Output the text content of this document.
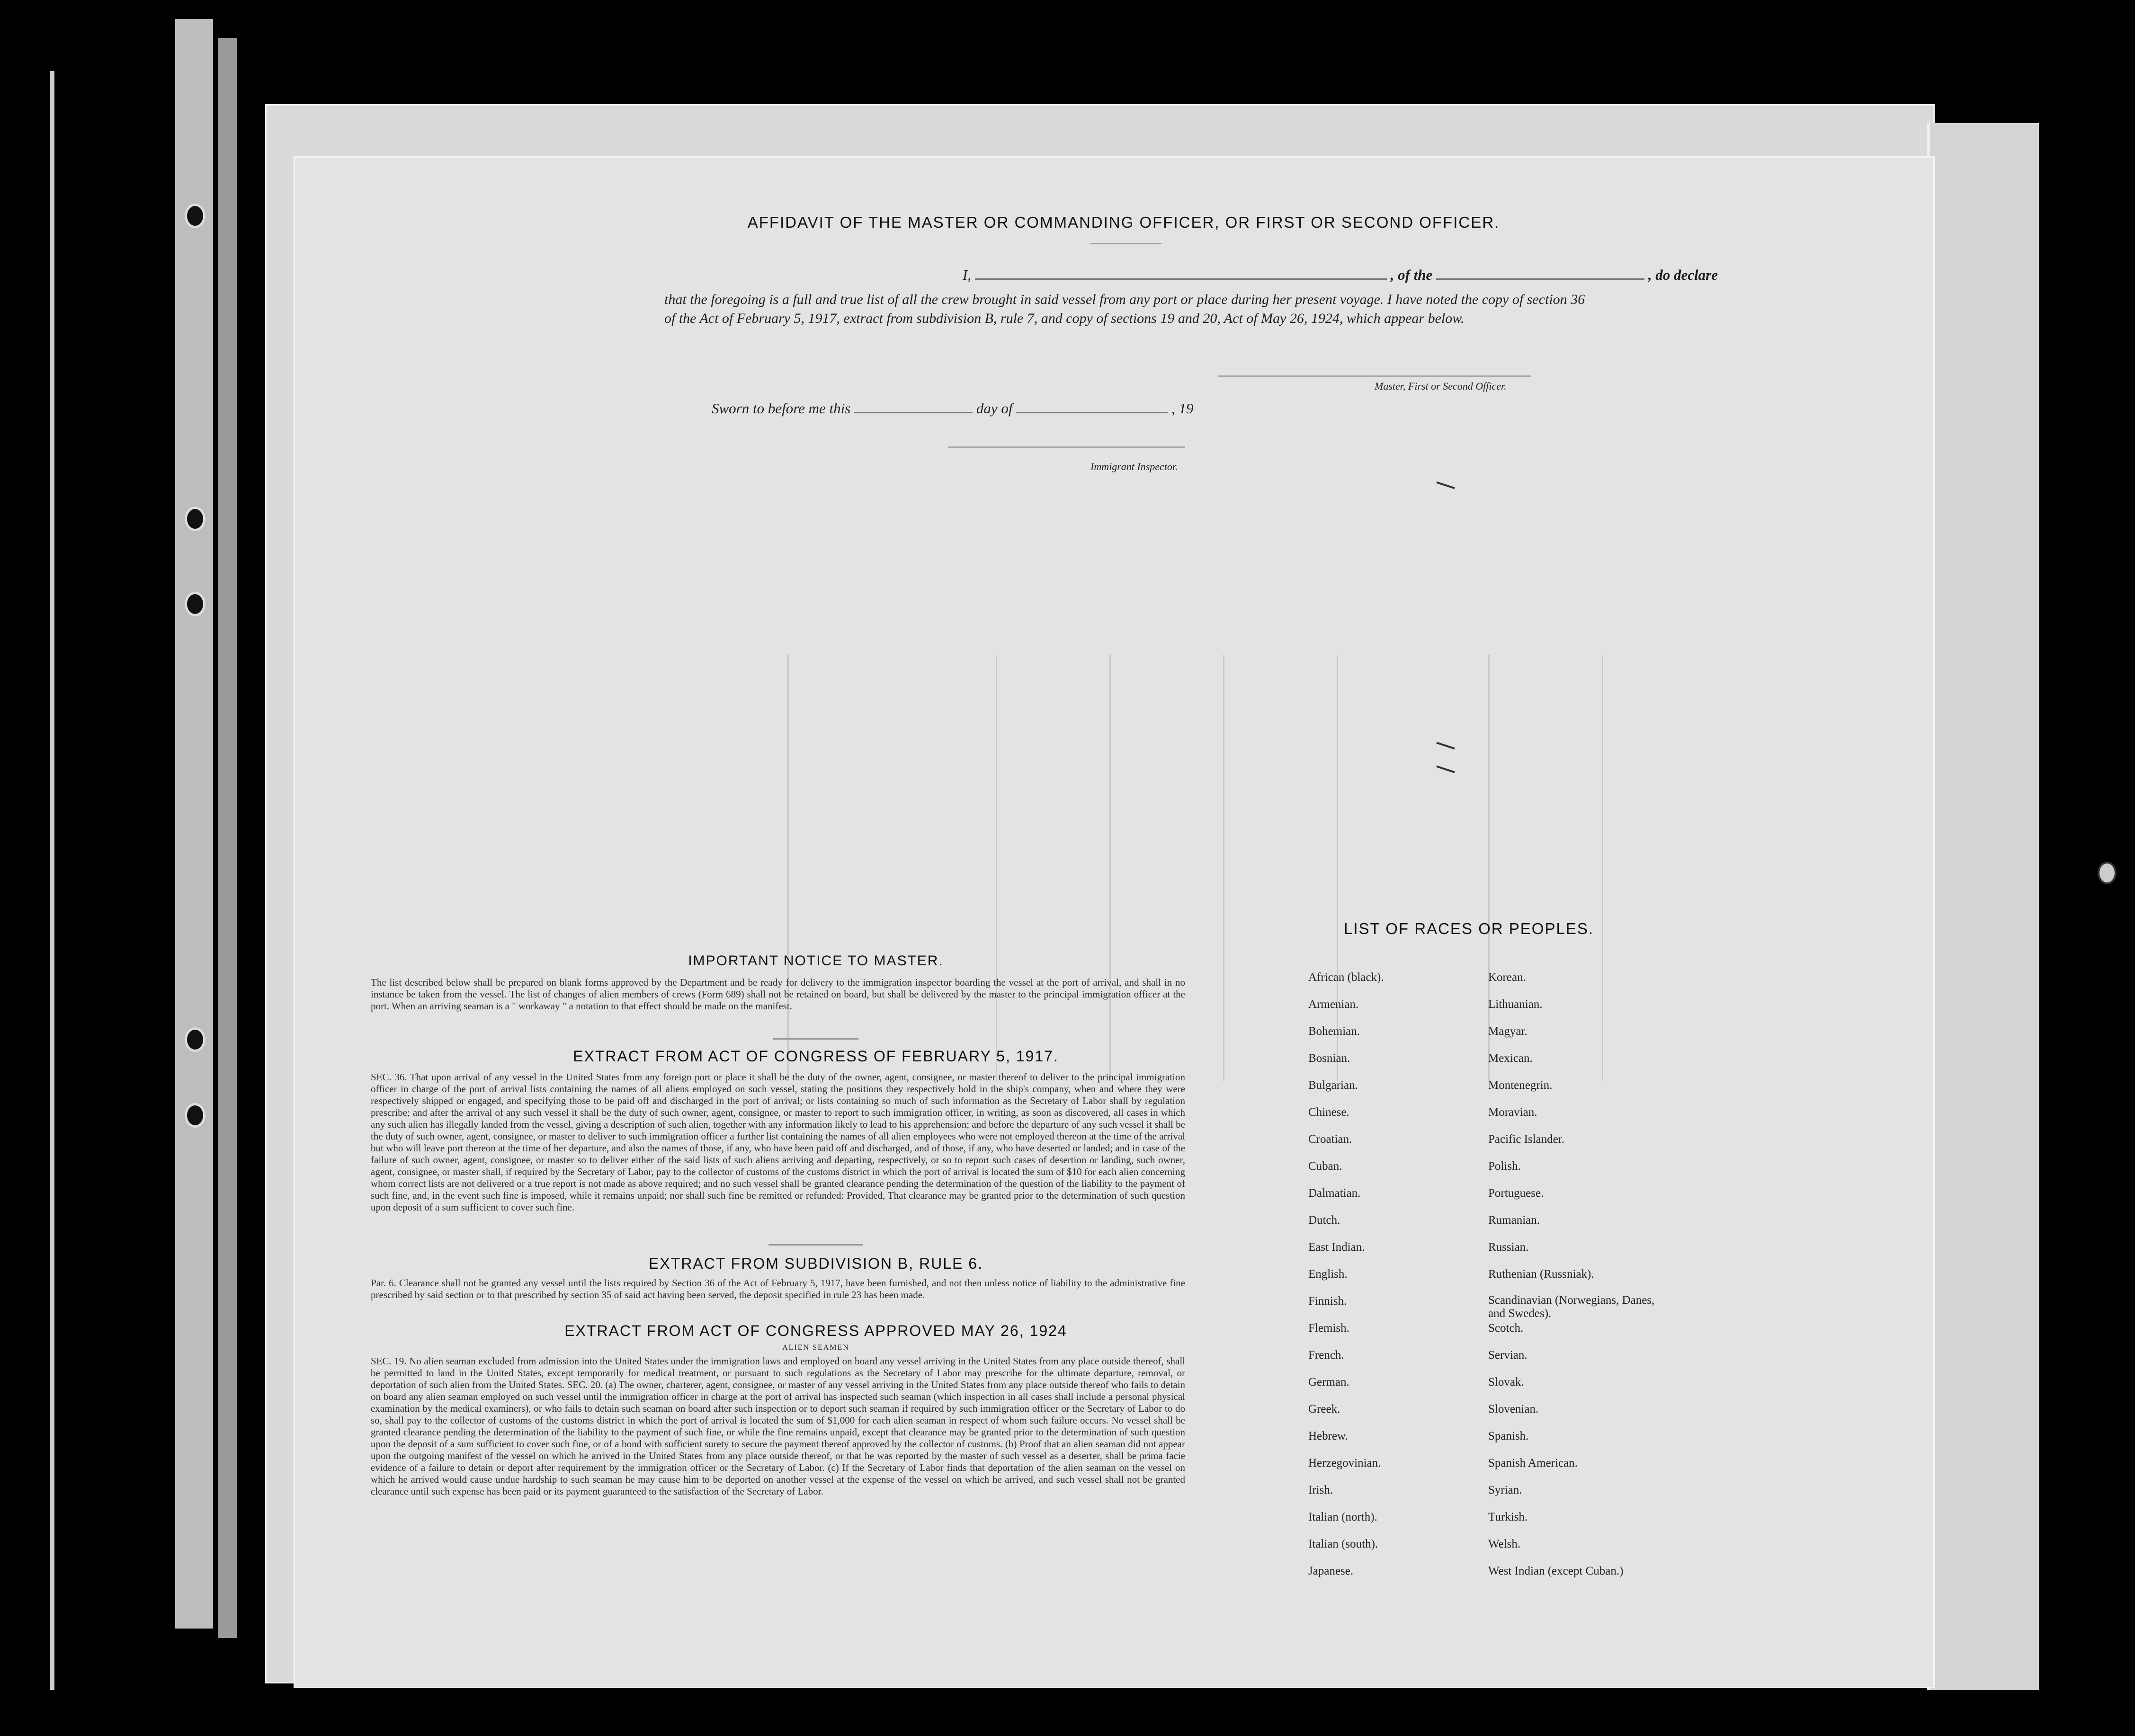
AFFIDAVIT OF THE MASTER OR COMMANDING OFFICER, OR FIRST OR SECOND OFFICER.
I,	, of the	, do declare
that the foregoing is a full and true list of all the crew brought in said vessel from any port or place during her present voyage. I have noted the copy of section 36 of the Act of February 5, 1917, extract from subdivision B, rule 7, and copy of sections 19 and 20, Act of May 26, 1924, which appear below.
Master, First or Second Officer.
Sworn to before me this	day of	, 19
Immigrant Inspector.
IMPORTANT NOTICE TO MASTER.
The list described below shall be prepared on blank forms approved by the Department and be ready for delivery to the immigration inspector boarding the vessel at the port of arrival, and shall in no instance be taken from the vessel. The list of changes of alien members of crews (Form 689) shall not be retained on board, but shall be delivered by the master to the principal immigration officer at the port. When an arriving seaman is a " workaway " a notation to that effect should be made on the manifest.
EXTRACT FROM ACT OF CONGRESS OF FEBRUARY 5, 1917.
SEC. 36. That upon arrival of any vessel in the United States from any foreign port or place it shall be the duty of the owner, agent, consignee, or master thereof to deliver to the principal immigration officer in charge of the port of arrival lists containing the names of all aliens employed on such vessel, stating the positions they respectively hold in the ship's company, when and where they were respectively shipped or engaged, and specifying those to be paid off and discharged in the port of arrival; or lists containing so much of such information as the Secretary of Labor shall by regulation prescribe; and after the arrival of any such vessel it shall be the duty of such owner, agent, consignee, or master to report to such immigration officer, in writing, as soon as discovered, all cases in which any such alien has illegally landed from the vessel, giving a description of such alien, together with any information likely to lead to his apprehension; and before the departure of any such vessel it shall be the duty of such owner, agent, consignee, or master to deliver to such immigration officer a further list containing the names of all alien employees who were not employed thereon at the time of the arrival but who will leave port thereon at the time of her departure, and also the names of those, if any, who have been paid off and discharged, and of those, if any, who have deserted or landed; and in case of the failure of such owner, agent, consignee, or master so to deliver either of the said lists of such aliens arriving and departing, respectively, or so to report such cases of desertion or landing, such owner, agent, consignee, or master shall, if required by the Secretary of Labor, pay to the collector of customs of the customs district in which the port of arrival is located the sum of $10 for each alien concerning whom correct lists are not delivered or a true report is not made as above required; and no such vessel shall be granted clearance pending the determination of the question of the liability to the payment of such fine, and, in the event such fine is imposed, while it remains unpaid; nor shall such fine be remitted or refunded: Provided, That clearance may be granted prior to the determination of such question upon deposit of a sum sufficient to cover such fine.
EXTRACT FROM SUBDIVISION B, RULE 6.
Par. 6. Clearance shall not be granted any vessel until the lists required by Section 36 of the Act of February 5, 1917, have been furnished, and not then unless notice of liability to the administrative fine prescribed by said section or to that prescribed by section 35 of said act having been served, the deposit specified in rule 23 has been made.
EXTRACT FROM ACT OF CONGRESS APPROVED MAY 26, 1924
ALIEN SEAMEN
SEC. 19. No alien seaman excluded from admission into the United States under the immigration laws and employed on board any vessel arriving in the United States from any place outside thereof, shall be permitted to land in the United States, except temporarily for medical treatment, or pursuant to such regulations as the Secretary of Labor may prescribe for the ultimate departure, removal, or deportation of such alien from the United States. SEC. 20. (a) The owner, charterer, agent, consignee, or master of any vessel arriving in the United States from any place outside thereof who fails to detain on board any alien seaman employed on such vessel until the immigration officer in charge at the port of arrival has inspected such seaman (which inspection in all cases shall include a personal physical examination by the medical examiners), or who fails to detain such seaman on board after such inspection or to deport such seaman if required by such immigration officer or the Secretary of Labor to do so, shall pay to the collector of customs of the customs district in which the port of arrival is located the sum of $1,000 for each alien seaman in respect of whom such failure occurs. No vessel shall be granted clearance pending the determination of the liability to the payment of such fine, or while the fine remains unpaid, except that clearance may be granted prior to the determination of such question upon the deposit of a sum sufficient to cover such fine, or of a bond with sufficient surety to secure the payment thereof approved by the collector of customs. (b) Proof that an alien seaman did not appear upon the outgoing manifest of the vessel on which he arrived in the United States from any place outside thereof, or that he was reported by the master of such vessel as a deserter, shall be prima facie evidence of a failure to detain or deport after requirement by the immigration officer or the Secretary of Labor. (c) If the Secretary of Labor finds that deportation of the alien seaman on the vessel on which he arrived would cause undue hardship to such seaman he may cause him to be deported on another vessel at the expense of the vessel on which he arrived, and such vessel shall not be granted clearance until such expense has been paid or its payment guaranteed to the satisfaction of the Secretary of Labor.
LIST OF RACES OR PEOPLES.
African (black).
Armenian.
Bohemian.
Bosnian.
Bulgarian.
Chinese.
Croatian.
Cuban.
Dalmatian.
Dutch.
East Indian.
English.
Finnish.
Flemish.
French.
German.
Greek.
Hebrew.
Herzegovinian.
Irish.
Italian (north).
Italian (south).
Japanese.
Korean.
Lithuanian.
Magyar.
Mexican.
Montenegrin.
Moravian.
Pacific Islander.
Polish.
Portuguese.
Rumanian.
Russian.
Ruthenian (Russniak).
Scandinavian (Norwegians, Danes, and Swedes).
Scotch.
Servian.
Slovak.
Slovenian.
Spanish.
Spanish American.
Syrian.
Turkish.
Welsh.
West Indian (except Cuban.)
